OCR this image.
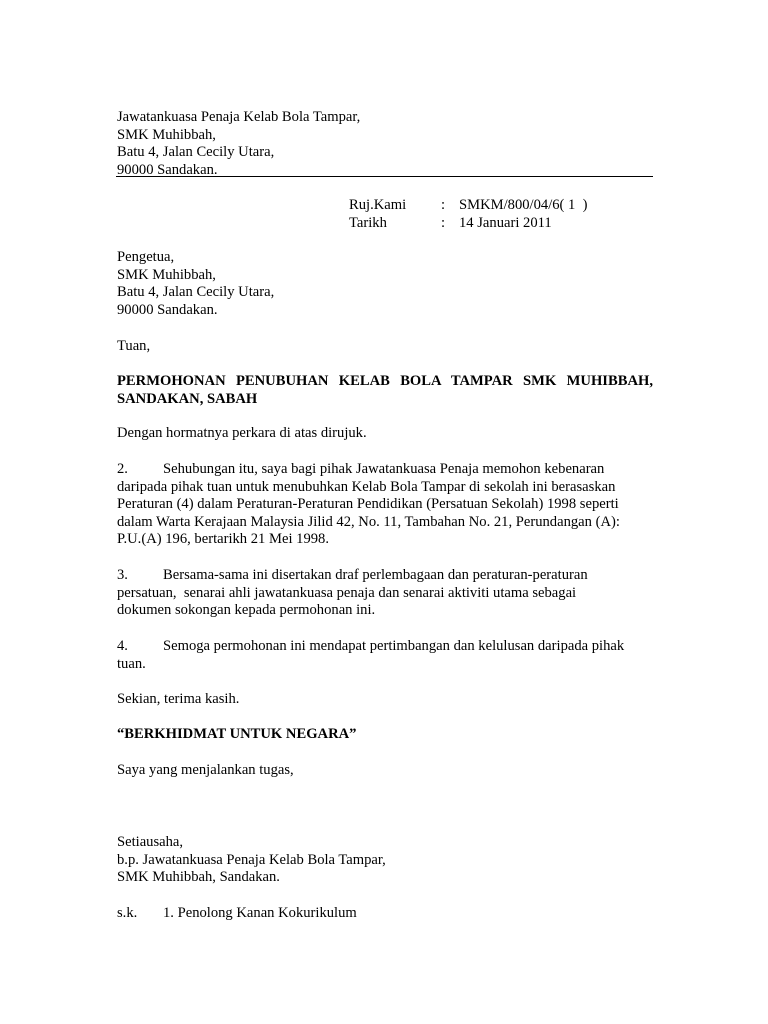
Jawatankuasa Penaja Kelab Bola Tampar,
SMK Muhibbah,
Batu 4, Jalan Cecily Utara,
90000 Sandakan.
Ruj.Kami	: SMKM/800/04/6( 1  )
Tarikh	: 14 Januari 2011
Pengetua,
SMK Muhibbah,
Batu 4, Jalan Cecily Utara,
90000 Sandakan.
Tuan,
PERMOHONAN PENUBUHAN KELAB BOLA TAMPAR SMK MUHIBBAH,
SANDAKAN, SABAH
Dengan hormatnya perkara di atas dirujuk.
2. Sehubungan itu, saya bagi pihak Jawatankuasa Penaja memohon kebenaran
daripada pihak tuan untuk menubuhkan Kelab Bola Tampar di sekolah ini berasaskan
Peraturan (4) dalam Peraturan-Peraturan Pendidikan (Persatuan Sekolah) 1998 seperti
dalam Warta Kerajaan Malaysia Jilid 42, No. 11, Tambahan No. 21, Perundangan (A):
P.U.(A) 196, bertarikh 21 Mei 1998.
3. Bersama-sama ini disertakan draf perlembagaan dan peraturan-peraturan
persatuan,  senarai ahli jawatankuasa penaja dan senarai aktiviti utama sebagai
dokumen sokongan kepada permohonan ini.
4. Semoga permohonan ini mendapat pertimbangan dan kelulusan daripada pihak
tuan.
Sekian, terima kasih.
“BERKHIDMAT UNTUK NEGARA”
Saya yang menjalankan tugas,
Setiausaha,
b.p. Jawatankuasa Penaja Kelab Bola Tampar,
SMK Muhibbah, Sandakan.
s.k. 1. Penolong Kanan Kokurikulum
